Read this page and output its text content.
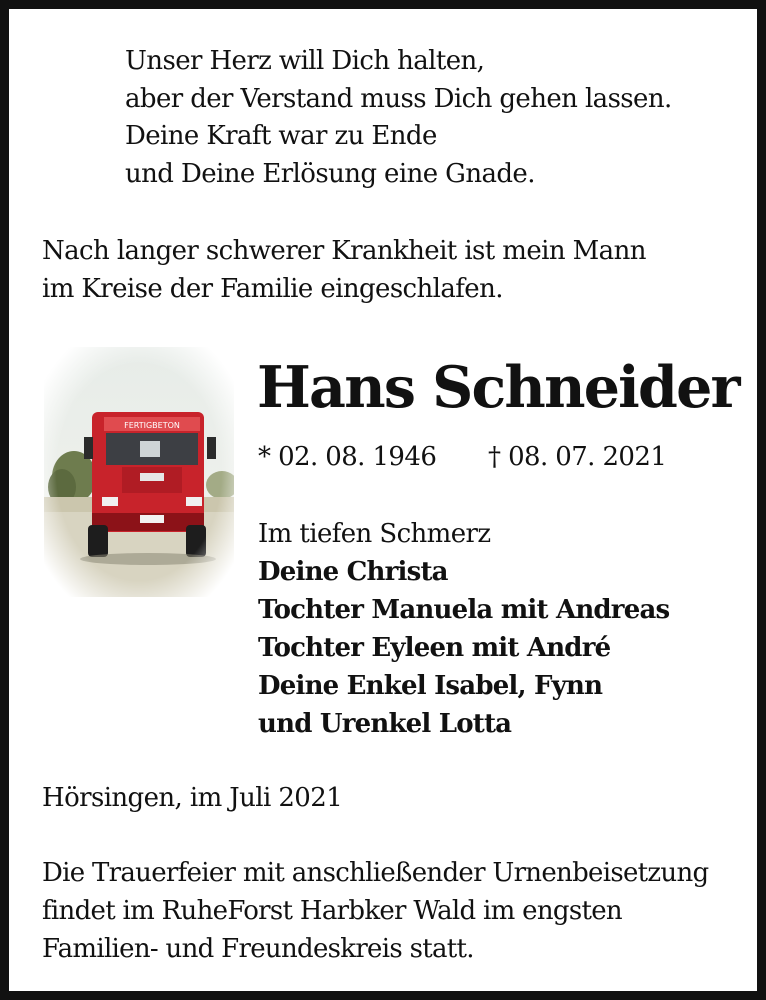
Unser Herz will Dich halten,
aber der Verstand muss Dich gehen lassen.
Deine Kraft war zu Ende
und Deine Erlösung eine Gnade.
Nach langer schwerer Krankheit ist mein Mann
im Kreise der Familie eingeschlafen.
Hans Schneider
* 02. 08. 1946 † 08. 07. 2021
Im tiefen Schmerz
Deine Christa
Tochter Manuela mit Andreas
Tochter Eyleen mit André
Deine Enkel Isabel, Fynn
und Urenkel Lotta
Hörsingen, im Juli 2021
Die Trauerfeier mit anschließender Urnenbeisetzung
findet im RuheForst Harbker Wald im engsten
Familien- und Freundeskreis statt.
